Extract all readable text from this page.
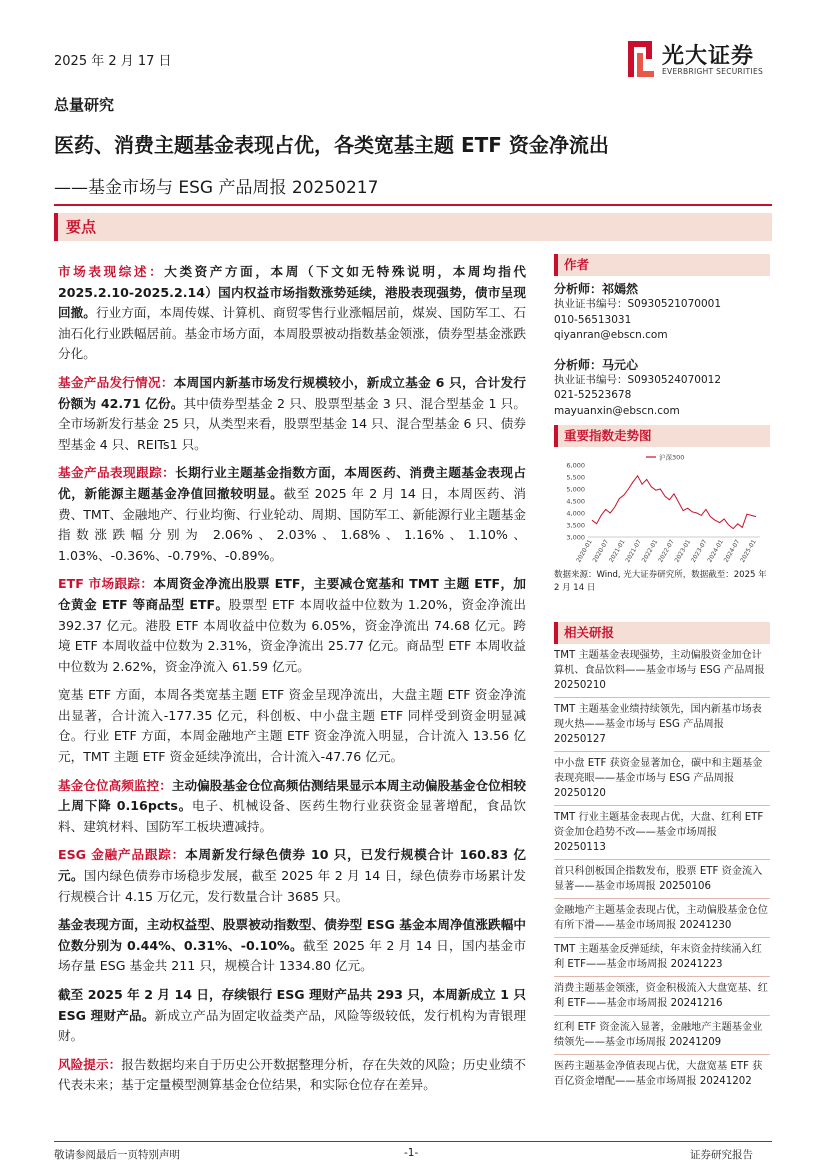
2025 年 2 月 17 日	光大证券
EVERBRIGHT SECURITIES
总量研究
医药、消费主题基金表现占优，各类宽基主题 ETF 资金净流出
——基金市场与 ESG 产品周报 20250217
要点

市场表现综述：大类资产方面，本周（下文如无特殊说明，本周均指代 2025.2.10-2025.2.14）国内权益市场指数涨势延续，港股表现强势，债市呈现回撤。行业方面，本周传媒、计算机、商贸零售行业涨幅居前，煤炭、国防军工、石油石化行业跌幅居前。基金市场方面，本周股票被动指数基金领涨，债券型基金涨跌分化。

基金产品发行情况：本周国内新基市场发行规模较小，新成立基金 6 只，合计发行份额为 42.71 亿份。其中债券型基金 2 只、股票型基金 3 只、混合型基金 1 只。全市场新发行基金 25 只，从类型来看，股票型基金 14 只、混合型基金 6 只、债券型基金 4 只、REITs1 只。

基金产品表现跟踪：长期行业主题基金指数方面，本周医药、消费主题基金表现占优，新能源主题基金净值回撤较明显。截至 2025 年 2 月 14 日，本周医药、消费、TMT、金融地产、行业均衡、行业轮动、周期、国防军工、新能源行业主题基金指数涨跌幅分别为 2.06%、2.03%、1.68%、1.16%、1.10%、1.03%、-0.36%、-0.79%、-0.89%。

ETF 市场跟踪：本周资金净流出股票 ETF，主要减仓宽基和 TMT 主题 ETF，加仓黄金 ETF 等商品型 ETF。股票型 ETF 本周收益中位数为 1.20%，资金净流出 392.37 亿元。港股 ETF 本周收益中位数为 6.05%，资金净流出 74.68 亿元。跨境 ETF 本周收益中位数为 2.31%，资金净流出 25.77 亿元。商品型 ETF 本周收益中位数为 2.62%，资金净流入 61.59 亿元。

宽基 ETF 方面，本周各类宽基主题 ETF 资金呈现净流出，大盘主题 ETF 资金净流出显著，合计流入-177.35 亿元，科创板、中小盘主题 ETF 同样受到资金明显减仓。行业 ETF 方面，本周金融地产主题 ETF 资金净流入明显，合计流入 13.56 亿元，TMT 主题 ETF 资金延续净流出，合计流入-47.76 亿元。

基金仓位高频监控：主动偏股基金仓位高频估测结果显示本周主动偏股基金仓位相较上周下降 0.16pcts。电子、机械设备、医药生物行业获资金显著增配，食品饮料、建筑材料、国防军工板块遭减持。

ESG 金融产品跟踪：本周新发行绿色债券 10 只，已发行规模合计 160.83 亿元。国内绿色债券市场稳步发展，截至 2025 年 2 月 14 日，绿色债券市场累计发行规模合计 4.15 万亿元，发行数量合计 3685 只。

基金表现方面，主动权益型、股票被动指数型、债券型 ESG 基金本周净值涨跌幅中位数分别为 0.44%、0.31%、-0.10%。截至 2025 年 2 月 14 日，国内基金市场存量 ESG 基金共 211 只，规模合计 1334.80 亿元。

截至 2025 年 2 月 14 日，存续银行 ESG 理财产品共 293 只，本周新成立 1 只 ESG 理财产品。新成立产品为固定收益类产品，风险等级较低，发行机构为青银理财。

风险提示：报告数据均来自于历史公开数据整理分析，存在失效的风险；历史业绩不代表未来；基于定量模型测算基金仓位结果，和实际仓位存在差异。

作者
分析师：祁嫣然
执业证书编号：S0930521070001
010-56513031
qiyanran@ebscn.com
分析师：马元心
执业证书编号：S0930524070012
021-52523678
mayuanxin@ebscn.com
重要指数走势图
3,000
3,500
4,000
4,500
5,000
5,500
6,000
2020-01
2020-07
2021-01
2021-07
2022-01
2022-07
2023-01
2023-07
2024-01
2024-07
2025-01
沪深300
数据来源：Wind, 光大证券研究所，数据截至：2025 年 2 月 14 日
相关研报
TMT 主题基金表现强势，主动偏股资金加仓计算机、食品饮料——基金市场与 ESG 产品周报 20250210
TMT 主题基金业绩持续领先，国内新基市场表现火热——基金市场与 ESG 产品周报 20250127
中小盘 ETF 获资金显著加仓，碳中和主题基金表现亮眼——基金市场与 ESG 产品周报 20250120
TMT 行业主题基金表现占优，大盘、红利 ETF 资金加仓趋势不改——基金市场周报 20250113
首只科创板国企指数发布，股票 ETF 资金流入显著——基金市场周报 20250106
金融地产主题基金表现占优，主动偏股基金仓位有所下滑——基金市场周报 20241230
TMT 主题基金反弹延续，年末资金持续涌入红利 ETF——基金市场周报 20241223
消费主题基金领涨，资金积极流入大盘宽基、红利 ETF——基金市场周报 20241216
红利 ETF 资金流入显著，金融地产主题基金业绩领先——基金市场周报 20241209
医药主题基金净值表现占优，大盘宽基 ETF 获百亿资金增配——基金市场周报 20241202
敬请参阅最后一页特别声明	-1-	证券研究报告
